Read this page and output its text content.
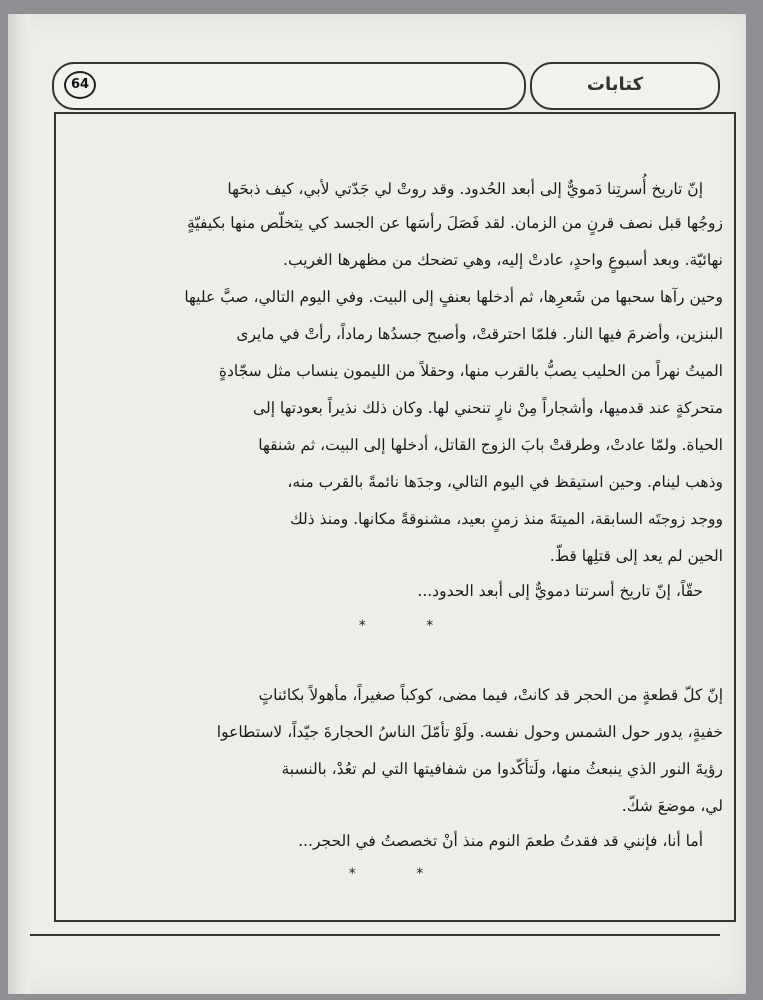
64	كتابات
إنّ تاريخ أُسرتِنا دَمويٌّ إلى أبعد الحُدود. وقد روتْ لي جَدّتي لأبي، كيف ذبحَها
زوجُها قبل نصف قرنٍ من الزمان. لقد فَصَلَ رأسَها عن الجسد كي يتخلّص منها بكيفيّةٍ
نهائيّة. وبعد أسبوعٍ واحدٍ، عادتْ إليه، وهي تضحك من مظهرها الغريب.
وحين رآها سحبها من شَعرِها، ثم أدخلها بعنفٍ إلى البيت. وفي اليوم التالي، صبَّ عليها
البنزين، وأضرمَ فيها النار. فلمّا احترقتْ، وأصبح جسدُها رماداً، رأتْ في مايرى
الميتُ نهراً من الحليب يصبُّ بالقرب منها، وحقلاً من الليمون ينساب مثل سجّادةٍ
متحركةٍ عند قدميها، وأشجاراً مِنْ نارٍ تنحني لها. وكان ذلك نذيراً بعودتها إلى
الحياة. ولمّا عادتْ، وطرقتْ بابَ الزوج القاتل، أدخلها إلى البيت، ثم شنقها
وذهب لينام. وحين استيقظ في اليوم التالي، وجدَها نائمةً بالقرب منه،
ووجد زوجتَه السابقة، الميتةَ منذ زمنٍ بعيد، مشنوقةً مكانها. ومنذ ذلك
الحين لم يعد إلى قتلِها قطّ.
حقّاً، إنّ تاريخ أسرتنا دمويٌّ إلى أبعد الحدود...
* *
إنّ كلّ قطعةٍ من الحجر قد كانتْ، فيما مضى، كوكباً صغيراً، مأهولاً بكائناتٍ
خفيةٍ، يدور حول الشمس وحول نفسه. ولَوْ تأمّلَ الناسُ الحجارةَ جيّداً، لاستطاعوا
رؤيةَ النور الذي ينبعثُ منها، ولَتأكّدوا من شفافيتها التي لم تعُدْ، بالنسبة
لي، موضعَ شكّ.
أما أنا، فإنني قد فقدتُ طعمَ النوم منذ أنْ تخصصتُ في الحجر...
* *
